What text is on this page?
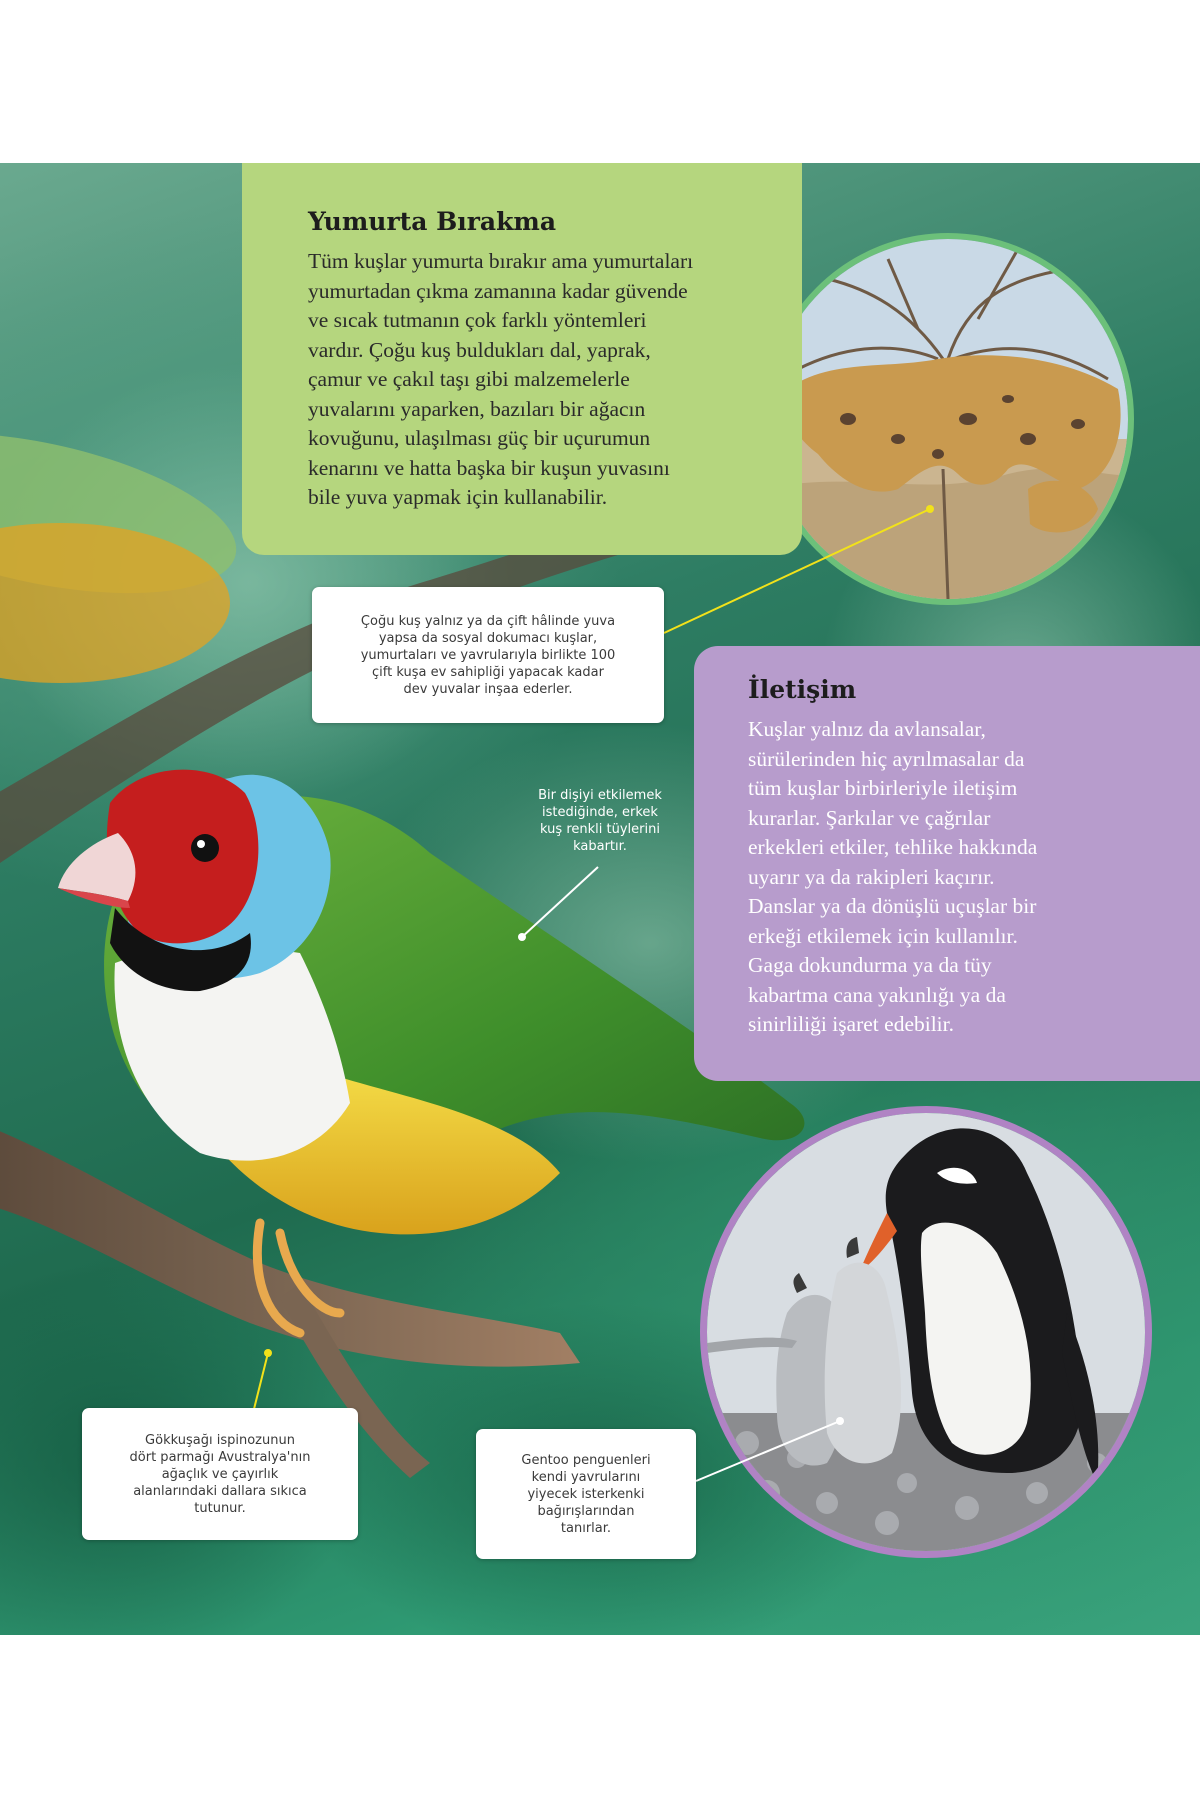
Yumurta Bırakma
Tüm kuşlar yumurta bırakır ama yumurtaları
yumurtadan çıkma zamanına kadar güvende
ve sıcak tutmanın çok farklı yöntemleri
vardır. Çoğu kuş buldukları dal, yaprak,
çamur ve çakıl taşı gibi malzemelerle
yuvalarını yaparken, bazıları bir ağacın
kovuğunu, ulaşılması güç bir uçurumun
kenarını ve hatta başka bir kuşun yuvasını
bile yuva yapmak için kullanabilir.
İletişim
Kuşlar yalnız da avlansalar,
sürülerinden hiç ayrılmasalar da
tüm kuşlar birbirleriyle iletişim
kurarlar. Şarkılar ve çağrılar
erkekleri etkiler, tehlike hakkında
uyarır ya da rakipleri kaçırır.
Danslar ya da dönüşlü uçuşlar bir
erkeği etkilemek için kullanılır.
Gaga dokundurma ya da tüy
kabartma cana yakınlığı ya da
sinirliliği işaret edebilir.
Çoğu kuş yalnız ya da çift hâlinde yuva
yapsa da sosyal dokumacı kuşlar,
yumurtaları ve yavrularıyla birlikte 100
çift kuşa ev sahipliği yapacak kadar
dev yuvalar inşaa ederler.
Bir dişiyi etkilemek
istediğinde, erkek
kuş renkli tüylerini
kabartır.
Gökkuşağı ispinozunun
dört parmağı Avustralya'nın
ağaçlık ve çayırlık
alanlarındaki dallara sıkıca
tutunur.
Gentoo penguenleri
kendi yavrularını
yiyecek isterkenki
bağırışlarından
tanırlar.
